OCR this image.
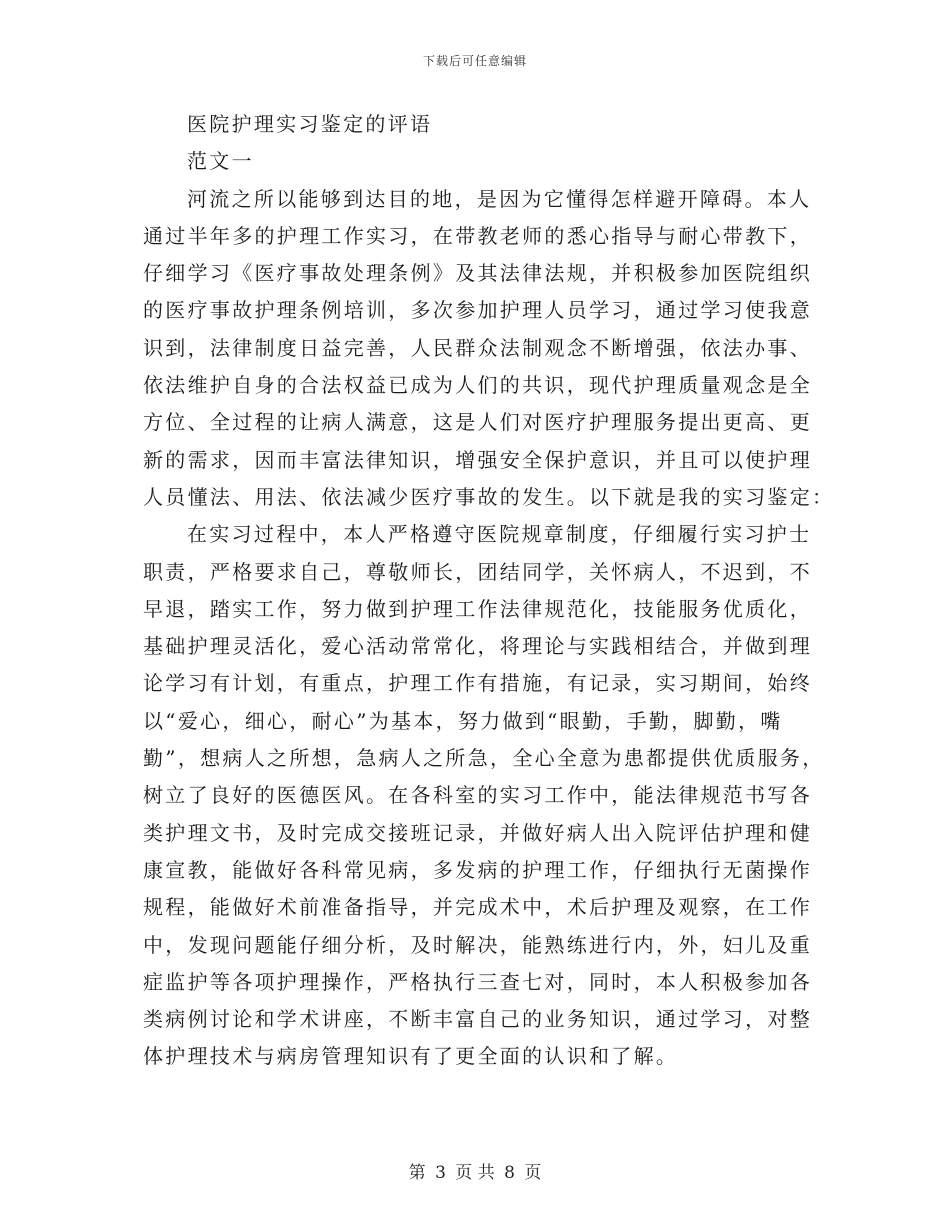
下载后可任意编辑
医院护理实习鉴定的评语
范文一
河流之所以能够到达目的地，是因为它懂得怎样避开障碍。本人
通过半年多的护理工作实习，在带教老师的悉心指导与耐心带教下，
仔细学习《医疗事故处理条例》及其法律法规，并积极参加医院组织
的医疗事故护理条例培训，多次参加护理人员学习，通过学习使我意
识到，法律制度日益完善，人民群众法制观念不断增强，依法办事、
依法维护自身的合法权益已成为人们的共识，现代护理质量观念是全
方位、全过程的让病人满意，这是人们对医疗护理服务提出更高、更
新的需求，因而丰富法律知识，增强安全保护意识，并且可以使护理
人员懂法、用法、依法减少医疗事故的发生。以下就是我的实习鉴定：
在实习过程中，本人严格遵守医院规章制度，仔细履行实习护士
职责，严格要求自己，尊敬师长，团结同学，关怀病人，不迟到，不
早退，踏实工作，努力做到护理工作法律规范化，技能服务优质化，
基础护理灵活化，爱心活动常常化，将理论与实践相结合，并做到理
论学习有计划，有重点，护理工作有措施，有记录，实习期间，始终
以“爱心，细心，耐心”为基本，努力做到“眼勤，手勤，脚勤，嘴
勤”，想病人之所想，急病人之所急，全心全意为患都提供优质服务，
树立了良好的医德医风。在各科室的实习工作中，能法律规范书写各
类护理文书，及时完成交接班记录，并做好病人出入院评估护理和健
康宣教，能做好各科常见病，多发病的护理工作，仔细执行无菌操作
规程，能做好术前准备指导，并完成术中，术后护理及观察，在工作
中，发现问题能仔细分析，及时解决，能熟练进行内，外，妇儿及重
症监护等各项护理操作，严格执行三查七对，同时，本人积极参加各
类病例讨论和学术讲座，不断丰富自己的业务知识，通过学习，对整
体护理技术与病房管理知识有了更全面的认识和了解。
第 3 页 共 8 页
